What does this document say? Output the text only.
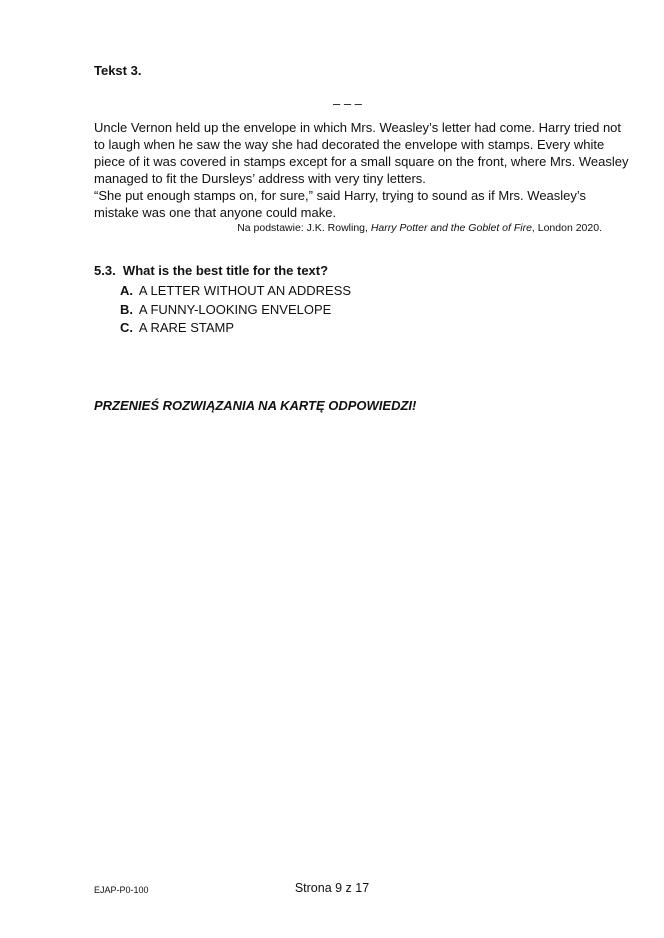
Tekst 3.
– – –
Uncle Vernon held up the envelope in which Mrs. Weasley’s letter had come. Harry tried not
to laugh when he saw the way she had decorated the envelope with stamps. Every white
piece of it was covered in stamps except for a small square on the front, where Mrs. Weasley
managed to fit the Dursleys’ address with very tiny letters.
“She put enough stamps on, for sure,” said Harry, trying to sound as if Mrs. Weasley’s
mistake was one that anyone could make.
Na podstawie: J.K. Rowling, Harry Potter and the Goblet of Fire, London 2020.
5.3. What is the best title for the text?
A. A LETTER WITHOUT AN ADDRESS
B. A FUNNY-LOOKING ENVELOPE
C. A RARE STAMP
PRZENIEŚ ROZWIĄZANIA NA KARTĘ ODPOWIEDZI!
EJAP-P0-100	Strona 9 z 17
